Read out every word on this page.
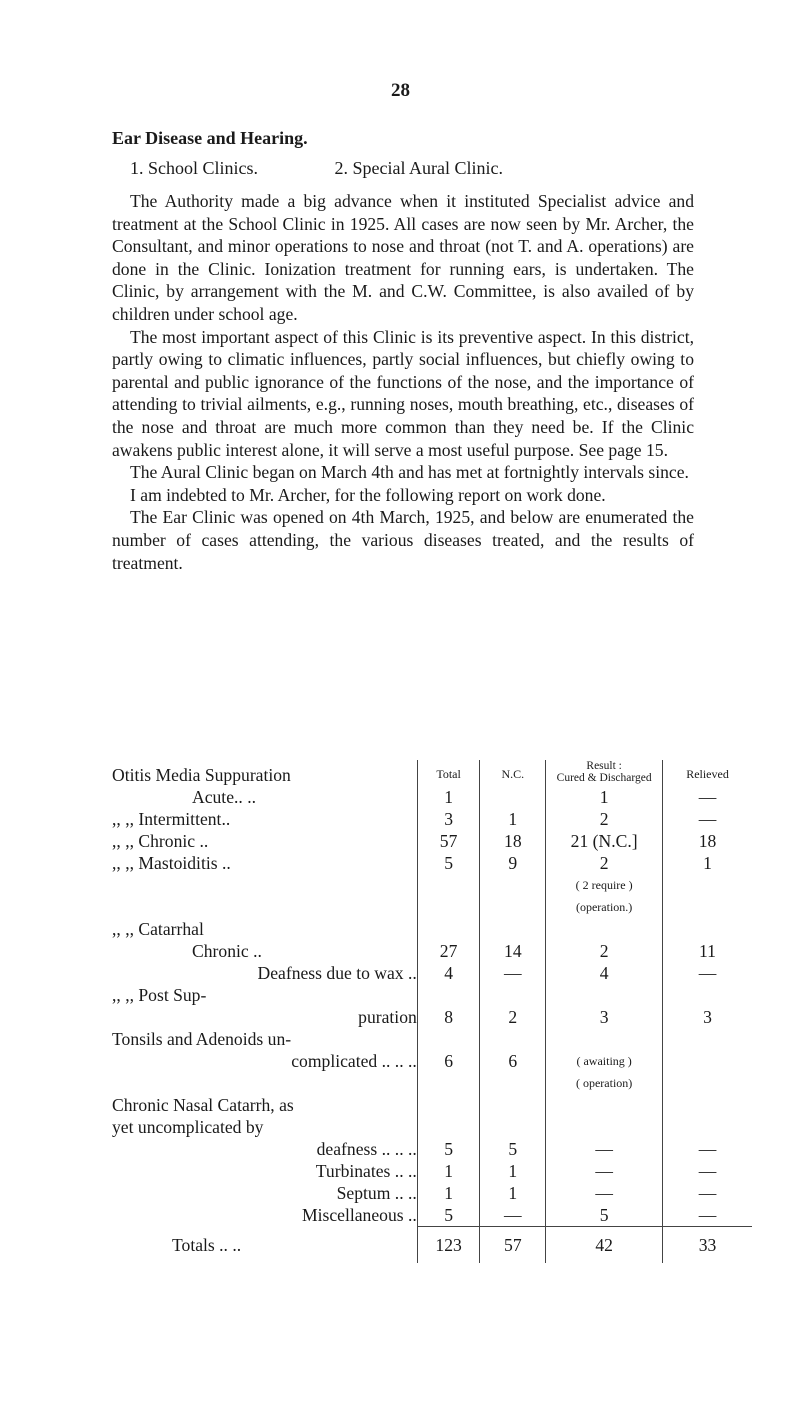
28
Ear Disease and Hearing.
1. School Clinics.	2. Special Aural Clinic.

The Authority made a big advance when it instituted Specialist advice and treatment at the School Clinic in 1925. All cases are now seen by Mr. Archer, the Consultant, and minor operations to nose and throat (not T. and A. operations) are done in the Clinic. Ionization treatment for running ears, is undertaken. The Clinic, by arrangement with the M. and C.W. Committee, is also availed of by children under school age.

The most important aspect of this Clinic is its preventive aspect. In this district, partly owing to climatic influences, partly social influences, but chiefly owing to parental and public ignorance of the functions of the nose, and the importance of attending to trivial ailments, e.g., running noses, mouth breathing, etc., diseases of the nose and throat are much more common than they need be. If the Clinic awakens public interest alone, it will serve a most useful purpose. See page 15.

The Aural Clinic began on March 4th and has met at fortnightly intervals since.

I am indebted to Mr. Archer, for the following report on work done.

The Ear Clinic was opened on 4th March, 1925, and below are enumerated the number of cases attending, the various diseases treated, and the results of treatment.

Otitis Media Suppuration	Total	N.C.	Result :
Cured & Discharged	Relieved
Acute.. ..	1		1	—
,, ,, Intermittent..	3	1	2	—
,, ,, Chronic ..	57	18	21 (N.C.]	18
,, ,, Mastoiditis ..	5	9	2	1
			( 2 require )	
			(operation.)	
,, ,, Catarrhal				
Chronic ..	27	14	2	11
Deafness due to wax ..	4	—	4	—
,, ,, Post Sup-				
puration	8	2	3	3
Tonsils and Adenoids un-				
complicated .. .. ..	6	6	( awaiting )	
			( operation)	
Chronic Nasal Catarrh, as				
yet uncomplicated by				
deafness .. .. ..	5	5	—	—
Turbinates .. ..	1	1	—	—
Septum .. ..	1	1	—	—
Miscellaneous ..	5	—	5	—
Totals .. ..	123	57	42	33
